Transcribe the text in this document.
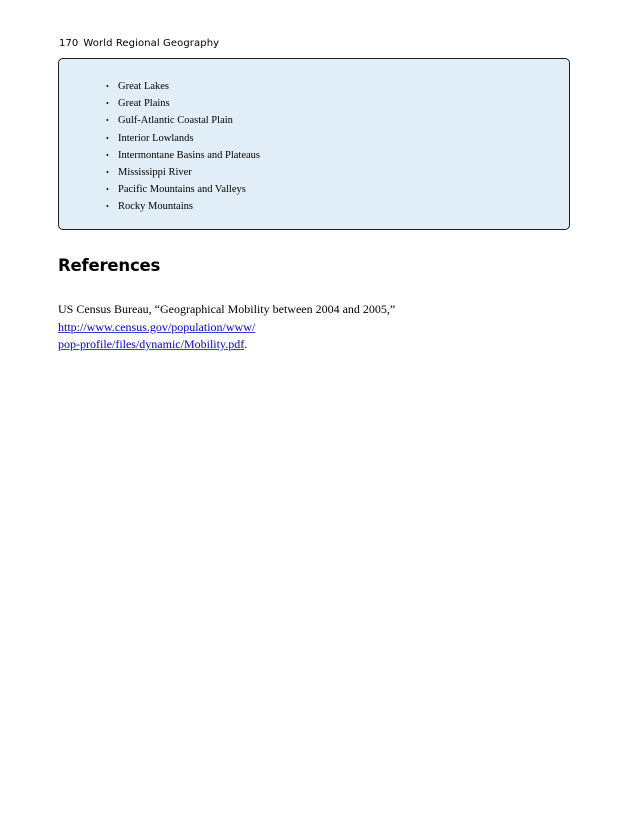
170 World Regional Geography
• Great Lakes
• Great Plains
• Gulf-Atlantic Coastal Plain
• Interior Lowlands
• Intermontane Basins and Plateaus
• Mississippi River
• Pacific Mountains and Valleys
• Rocky Mountains
References

US Census Bureau, “Geographical Mobility between 2004 and 2005,” http://www.census.gov/population/www/
pop-profile/files/dynamic/Mobility.pdf.
